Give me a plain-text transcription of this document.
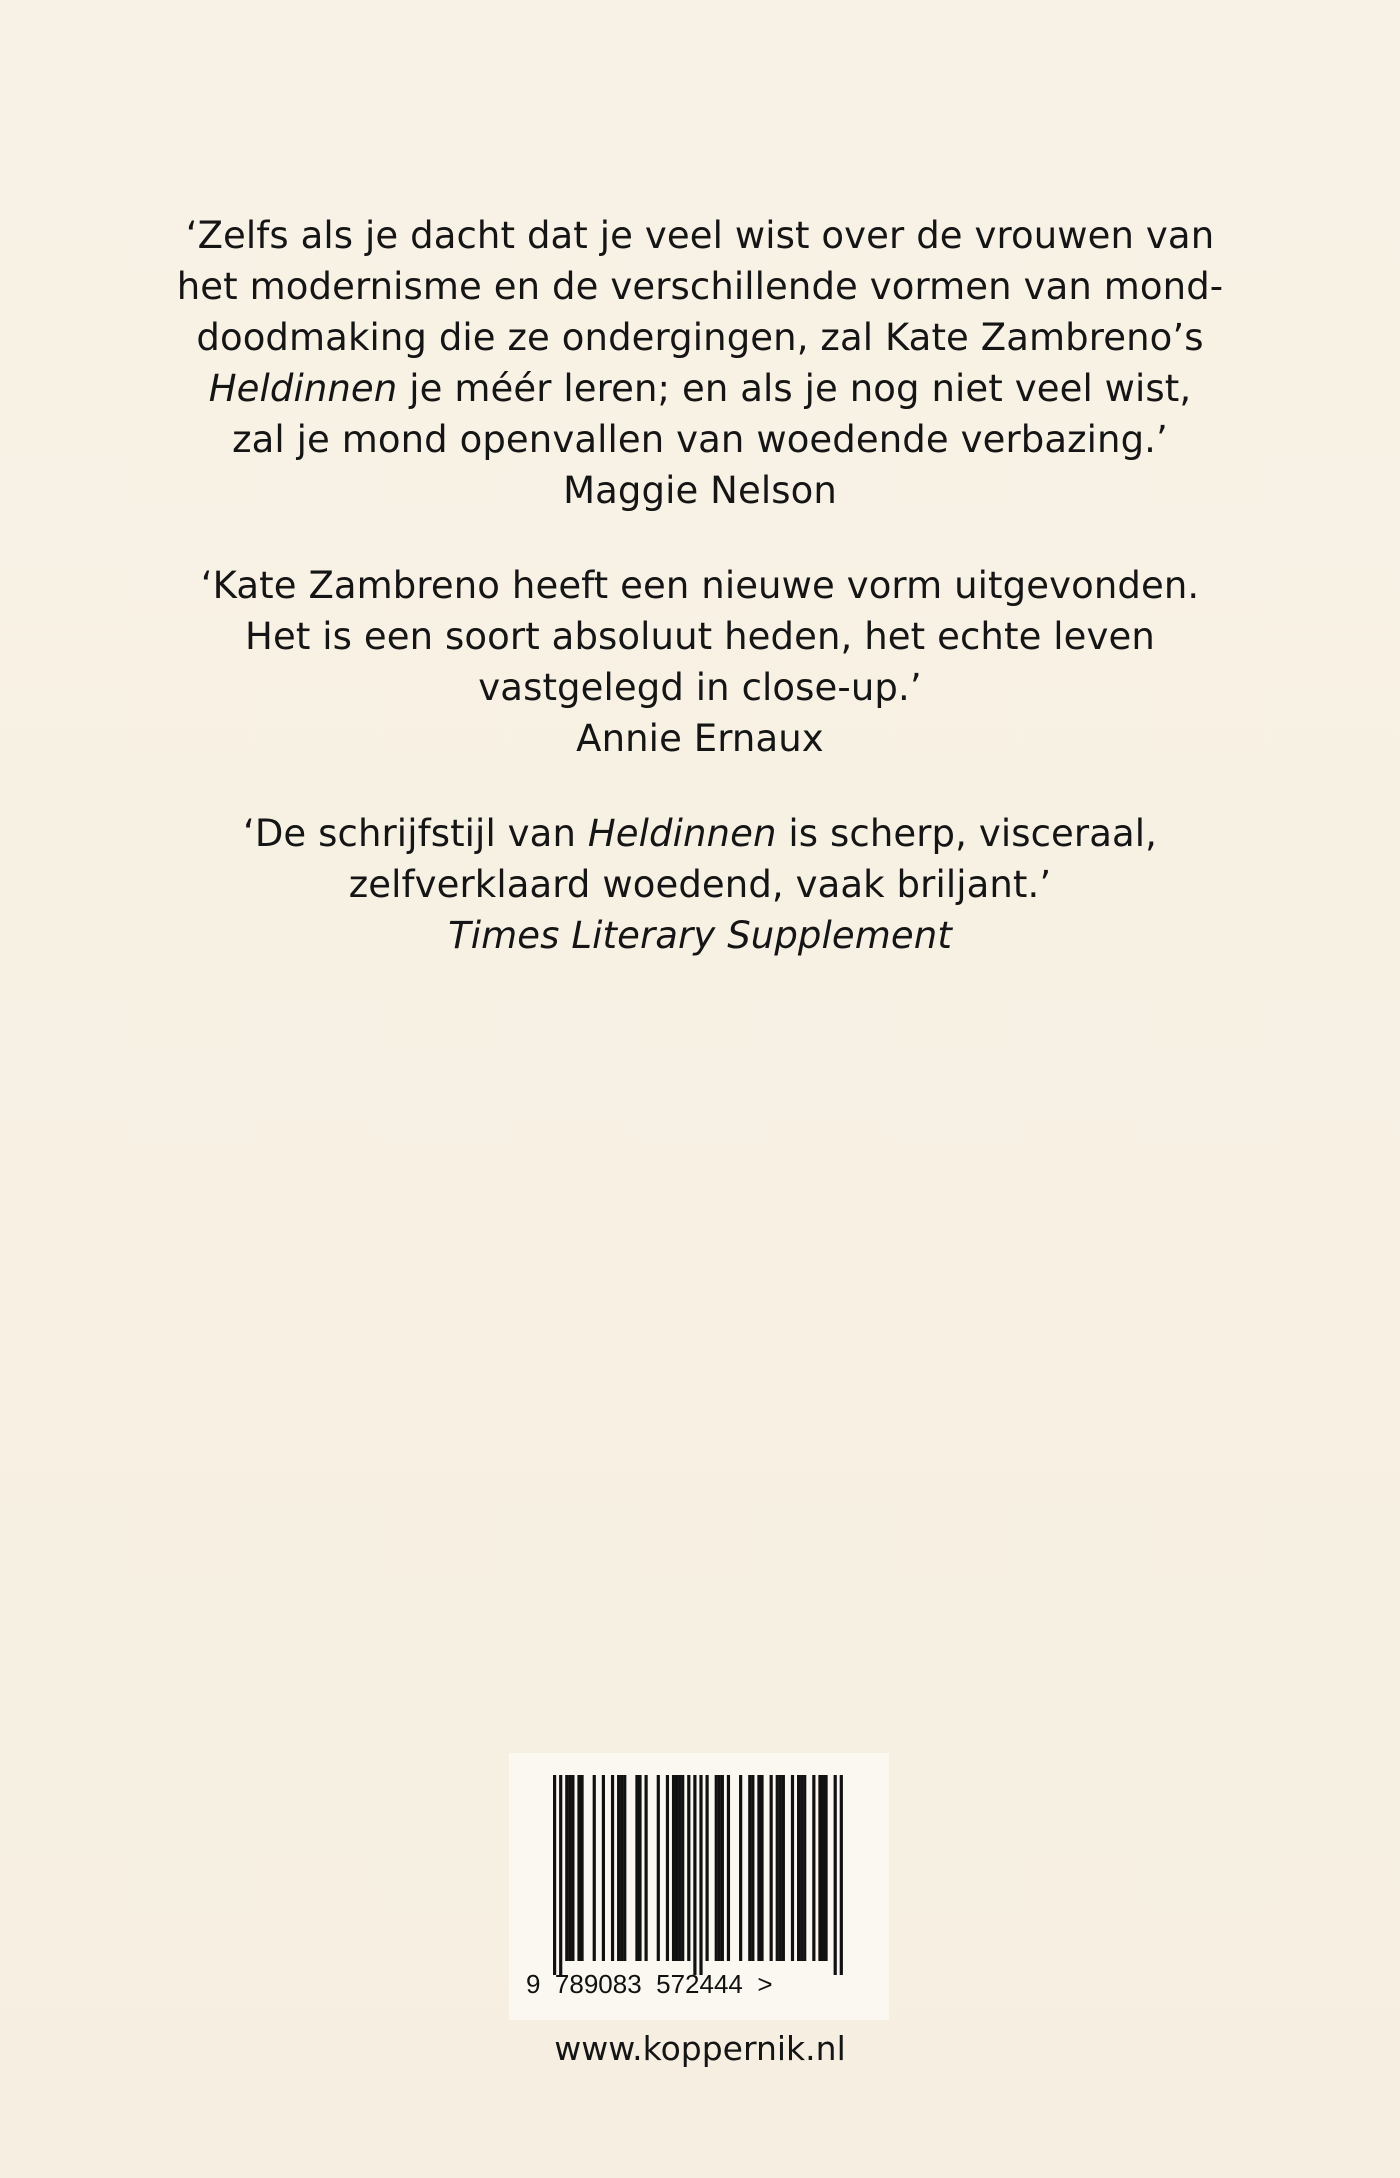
‘Zelfs als je dacht dat je veel wist over de vrouwen van

het modernisme en de verschillende vormen van mond-

doodmaking die ze ondergingen, zal Kate Zambreno’s

Heldinnen je méér leren; en als je nog niet veel wist,

zal je mond openvallen van woedende verbazing.’

Maggie Nelson

‘Kate Zambreno heeft een nieuwe vorm uitgevonden.

Het is een soort absoluut heden, het echte leven

vastgelegd in close-up.’

Annie Ernaux

‘De schrijfstijl van Heldinnen is scherp, visceraal,

zelfverklaard woedend, vaak briljant.’

Times Literary Supplement

9  789083  572444  >
www.koppernik.nl
